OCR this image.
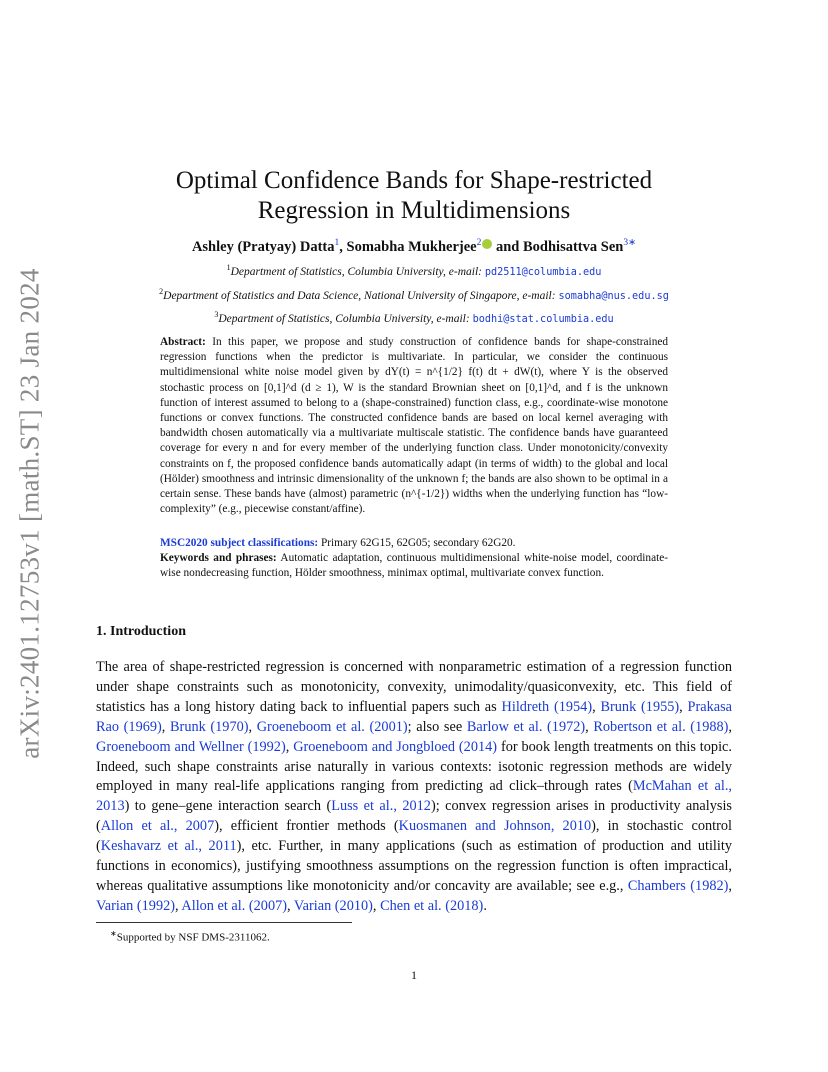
arXiv:2401.12753v1 [math.ST] 23 Jan 2024
Optimal Confidence Bands for Shape-restricted
Regression in Multidimensions
Ashley (Pratyay) Datta$^1$, Somabha Mukherjee$^2$ and Bodhisattva Sen$^{3∗}$
$^1$Department of Statistics, Columbia University, e-mail: pd2511@columbia.edu
$^2$Department of Statistics and Data Science, National University of Singapore, e-mail: somabha@nus.edu.sg
$^3$Department of Statistics, Columbia University, e-mail: bodhi@stat.columbia.edu
Abstract: In this paper, we propose and study construction of confidence bands for shape-constrained regression functions when the predictor is multivariate. In particular, we consider the continuous multidimensional white noise model given by dY(t) = n^{1/2} f(t) dt + dW(t), where Y is the observed stochastic process on [0,1]^d (d ≥ 1), W is the standard Brownian sheet on [0,1]^d, and f is the unknown function of interest assumed to belong to a (shape-constrained) function class, e.g., coordinate-wise monotone functions or convex functions. The constructed confidence bands are based on local kernel averaging with bandwidth chosen automatically via a multivariate multiscale statistic. The confidence bands have guaranteed coverage for every n and for every member of the underlying function class. Under monotonicity/convexity constraints on f, the proposed confidence bands automatically adapt (in terms of width) to the global and local (Hölder) smoothness and intrinsic dimensionality of the unknown f; the bands are also shown to be optimal in a certain sense. These bands have (almost) parametric (n^{-1/2}) widths when the underlying function has “low-complexity” (e.g., piecewise constant/affine).
MSC2020 subject classifications: Primary 62G15, 62G05; secondary 62G20.
Keywords and phrases: Automatic adaptation, continuous multidimensional white-noise model, coordinate-wise nondecreasing function, Hölder smoothness, minimax optimal, multivariate convex function.
1. Introduction
The area of shape-restricted regression is concerned with nonparametric estimation of a regression function under shape constraints such as monotonicity, convexity, unimodality/quasiconvexity, etc. This field of statistics has a long history dating back to influential papers such as Hildreth (1954), Brunk (1955), Prakasa Rao (1969), Brunk (1970), Groeneboom et al. (2001); also see Barlow et al. (1972), Robertson et al. (1988), Groeneboom and Wellner (1992), Groeneboom and Jongbloed (2014) for book length treatments on this topic. Indeed, such shape constraints arise naturally in various contexts: isotonic regression methods are widely employed in many real-life applications ranging from predicting ad click–through rates (McMahan et al., 2013) to gene–gene interaction search (Luss et al., 2012); convex regression arises in productivity analysis (Allon et al., 2007), efficient frontier methods (Kuosmanen and Johnson, 2010), in stochastic control (Keshavarz et al., 2011), etc. Further, in many applications (such as estimation of production and utility functions in economics), justifying smoothness assumptions on the regression function is often impractical, whereas qualitative assumptions like monotonicity and/or concavity are available; see e.g., Chambers (1982), Varian (1992), Allon et al. (2007), Varian (2010), Chen et al. (2018).
∗Supported by NSF DMS-2311062.
1
